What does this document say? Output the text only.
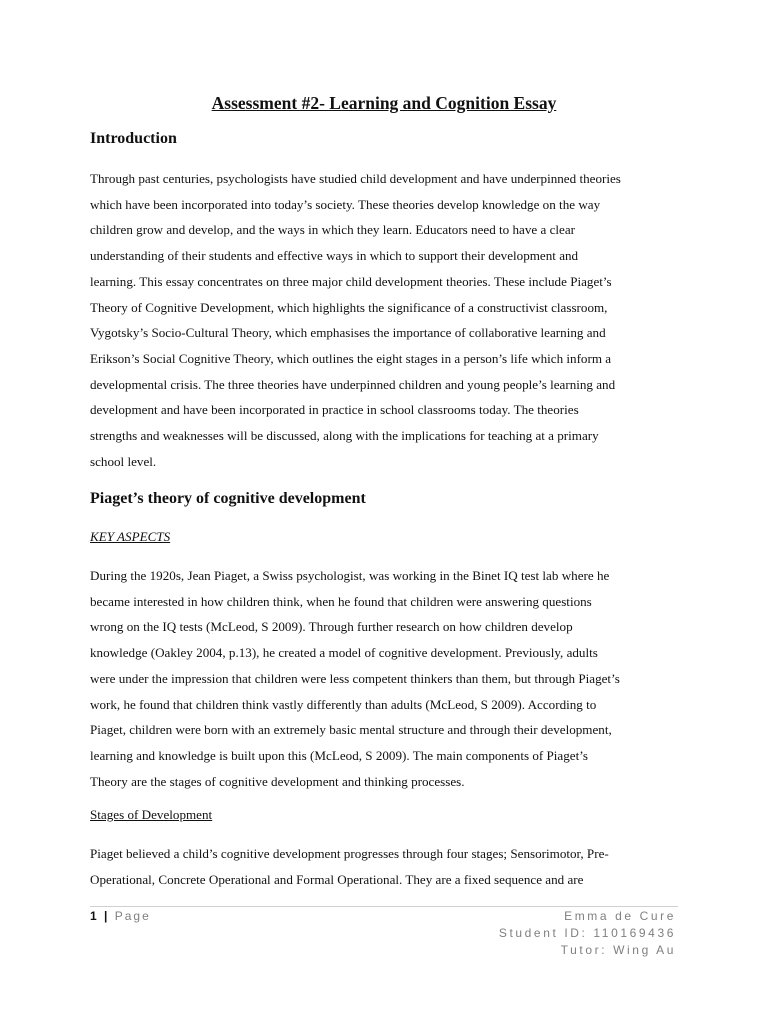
Assessment #2- Learning and Cognition Essay
Introduction

Through past centuries, psychologists have studied child development and have underpinned theories
which have been incorporated into today’s society. These theories develop knowledge on the way
children grow and develop, and the ways in which they learn. Educators need to have a clear
understanding of their students and effective ways in which to support their development and
learning. This essay concentrates on three major child development theories. These include Piaget’s
Theory of Cognitive Development, which highlights the significance of a constructivist classroom,
Vygotsky’s Socio-Cultural Theory, which emphasises the importance of collaborative learning and
Erikson’s Social Cognitive Theory, which outlines the eight stages in a person’s life which inform a
developmental crisis. The three theories have underpinned children and young people’s learning and
development and have been incorporated in practice in school classrooms today. The theories
strengths and weaknesses will be discussed, along with the implications for teaching at a primary
school level.

Piaget’s theory of cognitive development

KEY ASPECTS

During the 1920s, Jean Piaget, a Swiss psychologist, was working in the Binet IQ test lab where he
became interested in how children think, when he found that children were answering questions
wrong on the IQ tests (McLeod, S 2009). Through further research on how children develop
knowledge (Oakley 2004, p.13), he created a model of cognitive development. Previously, adults
were under the impression that children were less competent thinkers than them, but through Piaget’s
work, he found that children think vastly differently than adults (McLeod, S 2009). According to
Piaget, children were born with an extremely basic mental structure and through their development,
learning and knowledge is built upon this (McLeod, S 2009). The main components of Piaget’s
Theory are the stages of cognitive development and thinking processes.

Stages of Development

Piaget believed a child’s cognitive development progresses through four stages; Sensorimotor, Pre-
Operational, Concrete Operational and Formal Operational. They are a fixed sequence and are

1 | Page	Emma de Cure
Student ID: 110169436
Tutor: Wing Au
